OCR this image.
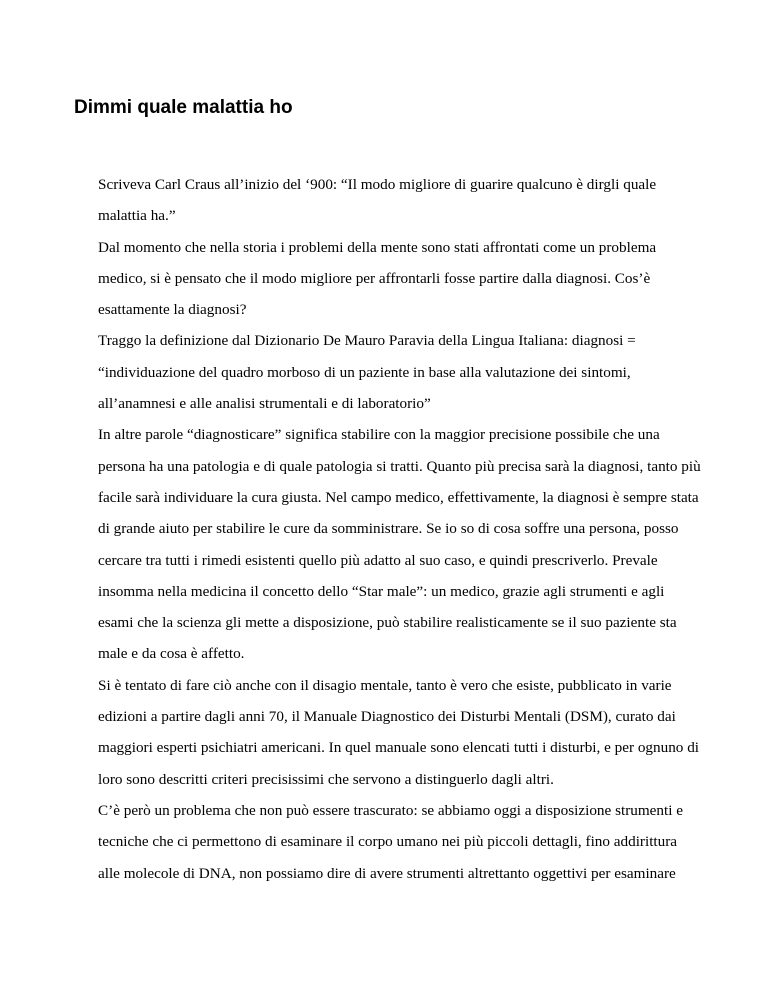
Dimmi quale malattia ho

Scriveva Carl Craus all’inizio del ‘900: “Il modo migliore di guarire qualcuno è dirgli quale malattia ha.”

Dal momento che nella storia i problemi della mente sono stati affrontati come un problema medico, si è pensato che il modo migliore per affrontarli fosse partire dalla diagnosi. Cos’è esattamente la diagnosi?

Traggo la definizione dal Dizionario De Mauro Paravia della Lingua Italiana: diagnosi = “individuazione del quadro morboso di un paziente in base alla valutazione dei sintomi, all’anamnesi e alle analisi strumentali e di laboratorio”

In altre parole “diagnosticare” significa stabilire con la maggior precisione possibile che una persona ha una patologia e di quale patologia si tratti. Quanto più precisa sarà la diagnosi, tanto più facile sarà individuare la cura giusta. Nel campo medico, effettivamente, la diagnosi è sempre stata di grande aiuto per stabilire le cure da somministrare. Se io so di cosa soffre una persona, posso cercare tra tutti i rimedi esistenti quello più adatto al suo caso, e quindi prescriverlo. Prevale insomma nella medicina il concetto dello “Star male”: un medico, grazie agli strumenti e agli esami che la scienza gli mette a disposizione, può stabilire realisticamente se il suo paziente sta male e da cosa è affetto.

Si è tentato di fare ciò anche con il disagio mentale, tanto è vero che esiste, pubblicato in varie edizioni a partire dagli anni 70, il Manuale Diagnostico dei Disturbi Mentali (DSM), curato dai maggiori esperti psichiatri americani. In quel manuale sono elencati tutti i disturbi, e per ognuno di loro sono descritti criteri precisissimi che servono a distinguerlo dagli altri.

C’è però un problema che non può essere trascurato: se abbiamo oggi a disposizione strumenti e tecniche che ci permettono di esaminare il corpo umano nei più piccoli dettagli, fino addirittura alle molecole di DNA, non possiamo dire di avere strumenti altrettanto oggettivi per esaminare
